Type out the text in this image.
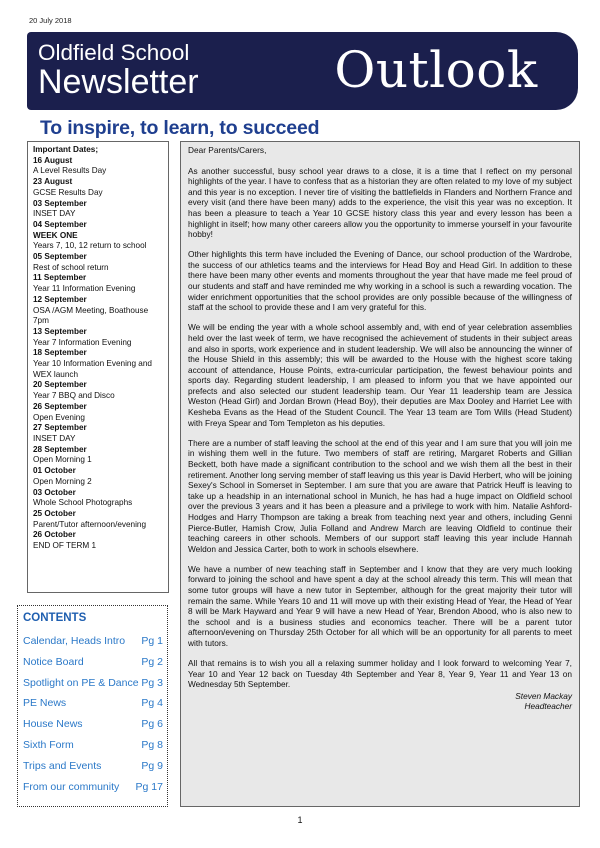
20 July 2018
Oldfield School
Newsletter	Outlook
To inspire, to learn, to succeed
Important Dates;
16 August
A Level Results Day
23 August
GCSE Results Day
03 September
INSET DAY
04 September
WEEK ONE
Years 7, 10, 12 return to school
05 September
Rest of school return
11 September
Year 11 Information Evening
12 September
OSA /AGM Meeting, Boathouse 7pm
13 September
Year 7 Information Evening
18 September
Year 10 Information Evening and WEX launch
20 September
Year 7 BBQ and Disco
26 September
Open Evening
27 September
INSET DAY
28 September
Open Morning 1
01 October
Open Morning 2
03 October
Whole School Photographs
25 October
Parent/Tutor afternoon/evening
26 October
END OF TERM 1
CONTENTS
Calendar, Heads Intro Pg 1
Notice Board	Pg 2
Spotlight on PE & Dance Pg 3
PE News	Pg 4
House News	Pg 6
Sixth Form	Pg 8
Trips and Events	Pg 9
From our community Pg 17
Dear Parents/Carers,

As another successful, busy school year draws to a close, it is a time that I reflect on my personal highlights of the year. I have to confess that as a historian they are often related to my love of my subject and this year is no exception. I never tire of visiting the battlefields in Flanders and Northern France and every visit (and there have been many) adds to the experience, the visit this year was no exception. It has been a pleasure to teach a Year 10 GCSE history class this year and every lesson has been a highlight in itself; how many other careers allow you the opportunity to immerse yourself in your favourite hobby!

Other highlights this term have included the Evening of Dance, our school production of the Wardrobe, the success of our athletics teams and the interviews for Head Boy and Head Girl. In addition to these there have been many other events and moments throughout the year that have made me feel proud of our students and staff and have reminded me why working in a school is such a rewarding vocation. The wider enrichment opportunities that the school provides are only possible because of the willingness of staff at the school to provide these and I am very grateful for this.

We will be ending the year with a whole school assembly and, with end of year celebration assemblies held over the last week of term, we have recognised the achievement of students in their subject areas and also in sports, work experience and in student leadership. We will also be announcing the winner of the House Shield in this assembly; this will be awarded to the House with the highest score taking account of attendance, House Points, extra-curricular participation, the fewest behaviour points and sports day. Regarding student leadership, I am pleased to inform you that we have appointed our prefects and also selected our student leadership team. Our Year 11 leadership team are Jessica Weston (Head Girl) and Jordan Brown (Head Boy), their deputies are Max Dooley and Harriet Lee with Kesheba Evans as the Head of the Student Council. The Year 13 team are Tom Wills (Head Student) with Freya Spear and Tom Templeton as his deputies.

There are a number of staff leaving the school at the end of this year and I am sure that you will join me in wishing them well in the future. Two members of staff are retiring, Margaret Roberts and Gillian Beckett, both have made a significant contribution to the school and we wish them all the best in their retirement. Another long serving member of staff leaving us this year is David Herbert, who will be joining Sexey's School in Somerset in September. I am sure that you are aware that Patrick Heuff is leaving to take up a headship in an international school in Munich, he has had a huge impact on Oldfield school over the previous 3 years and it has been a pleasure and a privilege to work with him. Natalie Ashford-Hodges and Harry Thompson are taking a break from teaching next year and others, including Genni Pierce-Butler, Hamish Crow, Julia Folland and Andrew March are leaving Oldfield to continue their teaching careers in other schools. Members of our support staff leaving this year include Hannah Weldon and Jessica Carter, both to work in schools elsewhere.

We have a number of new teaching staff in September and I know that they are very much looking forward to joining the school and have spent a day at the school already this term. This will mean that some tutor groups will have a new tutor in September, although for the great majority their tutor will remain the same. While Years 10 and 11 will move up with their existing Head of Year, the Head of Year 8 will be Mark Hayward and Year 9 will have a new Head of Year, Brendon Abood, who is also new to the school and is a business studies and economics teacher. There will be a parent tutor afternoon/evening on Thursday 25th October for all which will be an opportunity for all parents to meet with tutors.

All that remains is to wish you all a relaxing summer holiday and I look forward to welcoming Year 7, Year 10 and Year 12 back on Tuesday 4th September and Year 8, Year 9, Year 11 and Year 13 on Wednesday 5th September.

Steven Mackay
Headteacher
1
